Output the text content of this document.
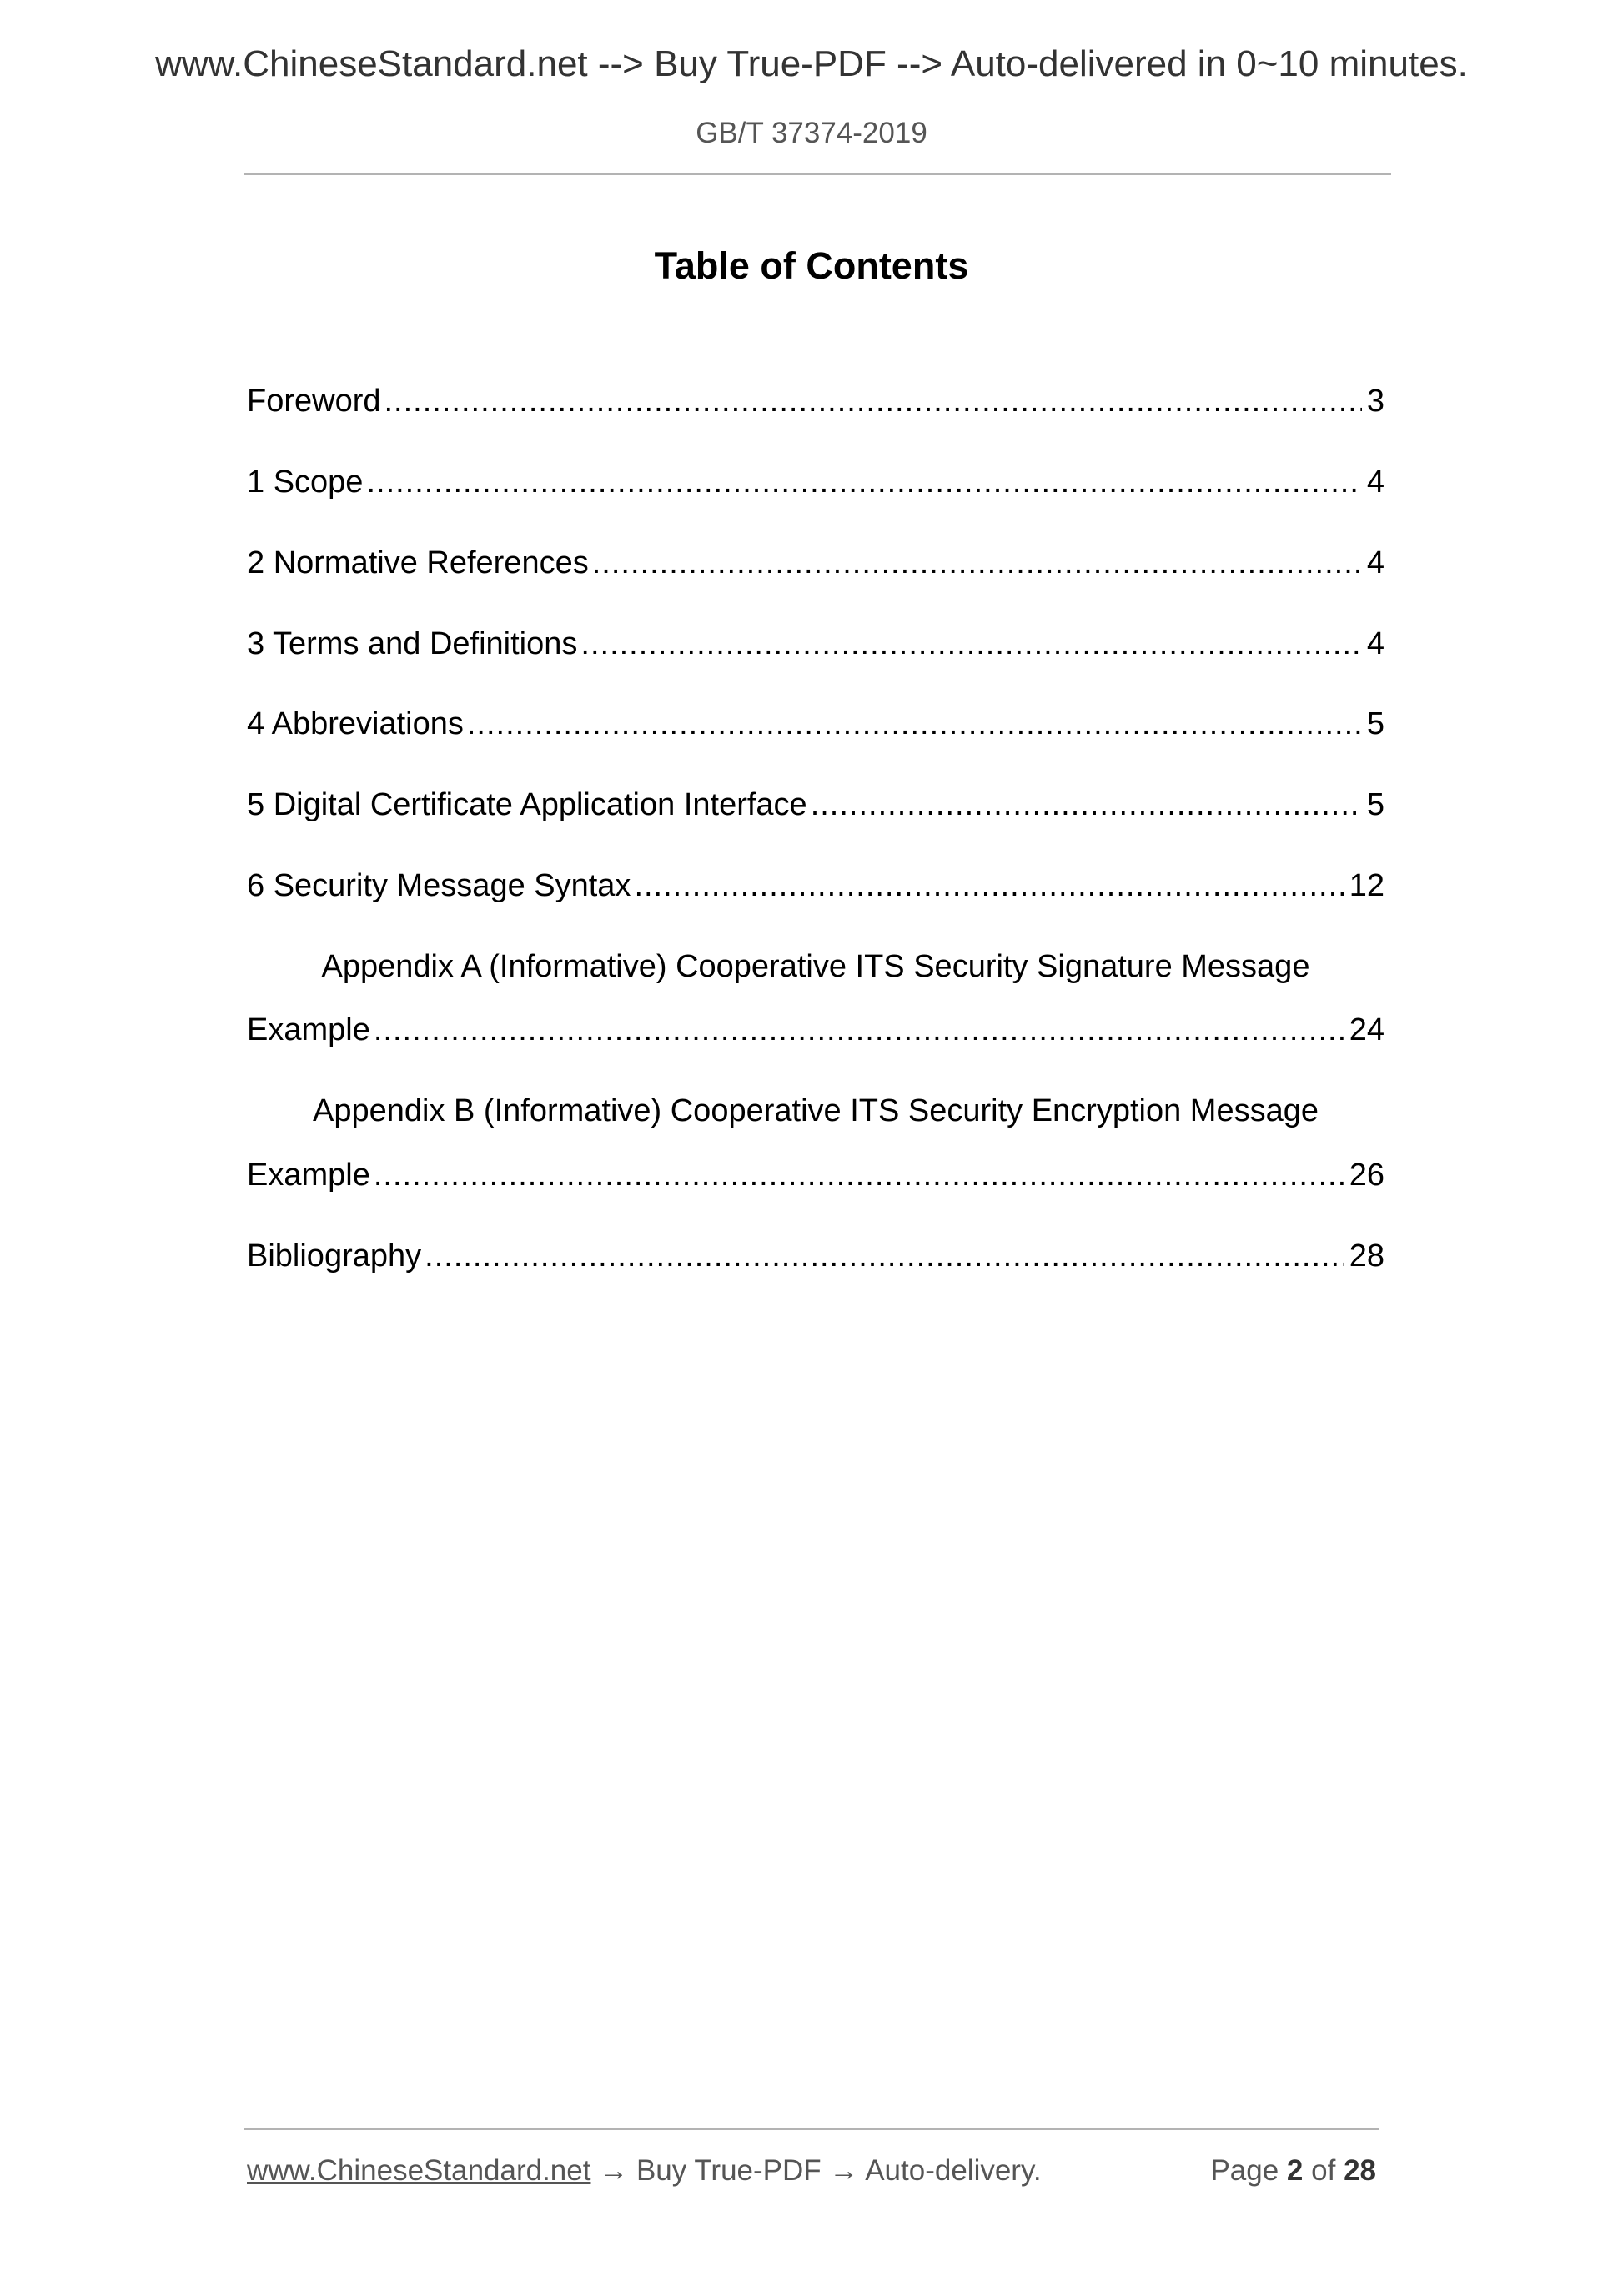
www.ChineseStandard.net --> Buy True-PDF --> Auto-delivered in 0~10 minutes.
GB/T 37374-2019
Table of Contents
Foreword .....	3
1 Scope .....	4
2 Normative References .....	4
3 Terms and Definitions .....	4
4 Abbreviations .....	5
5 Digital Certificate Application Interface .....	5
6 Security Message Syntax .....	12
Appendix A (Informative) Cooperative ITS Security Signature Message
Example .....	24
Appendix B (Informative) Cooperative ITS Security Encryption Message
Example .....	26
Bibliography .....	28
www.ChineseStandard.net → Buy True-PDF → Auto-delivery.	Page 2 of 28
